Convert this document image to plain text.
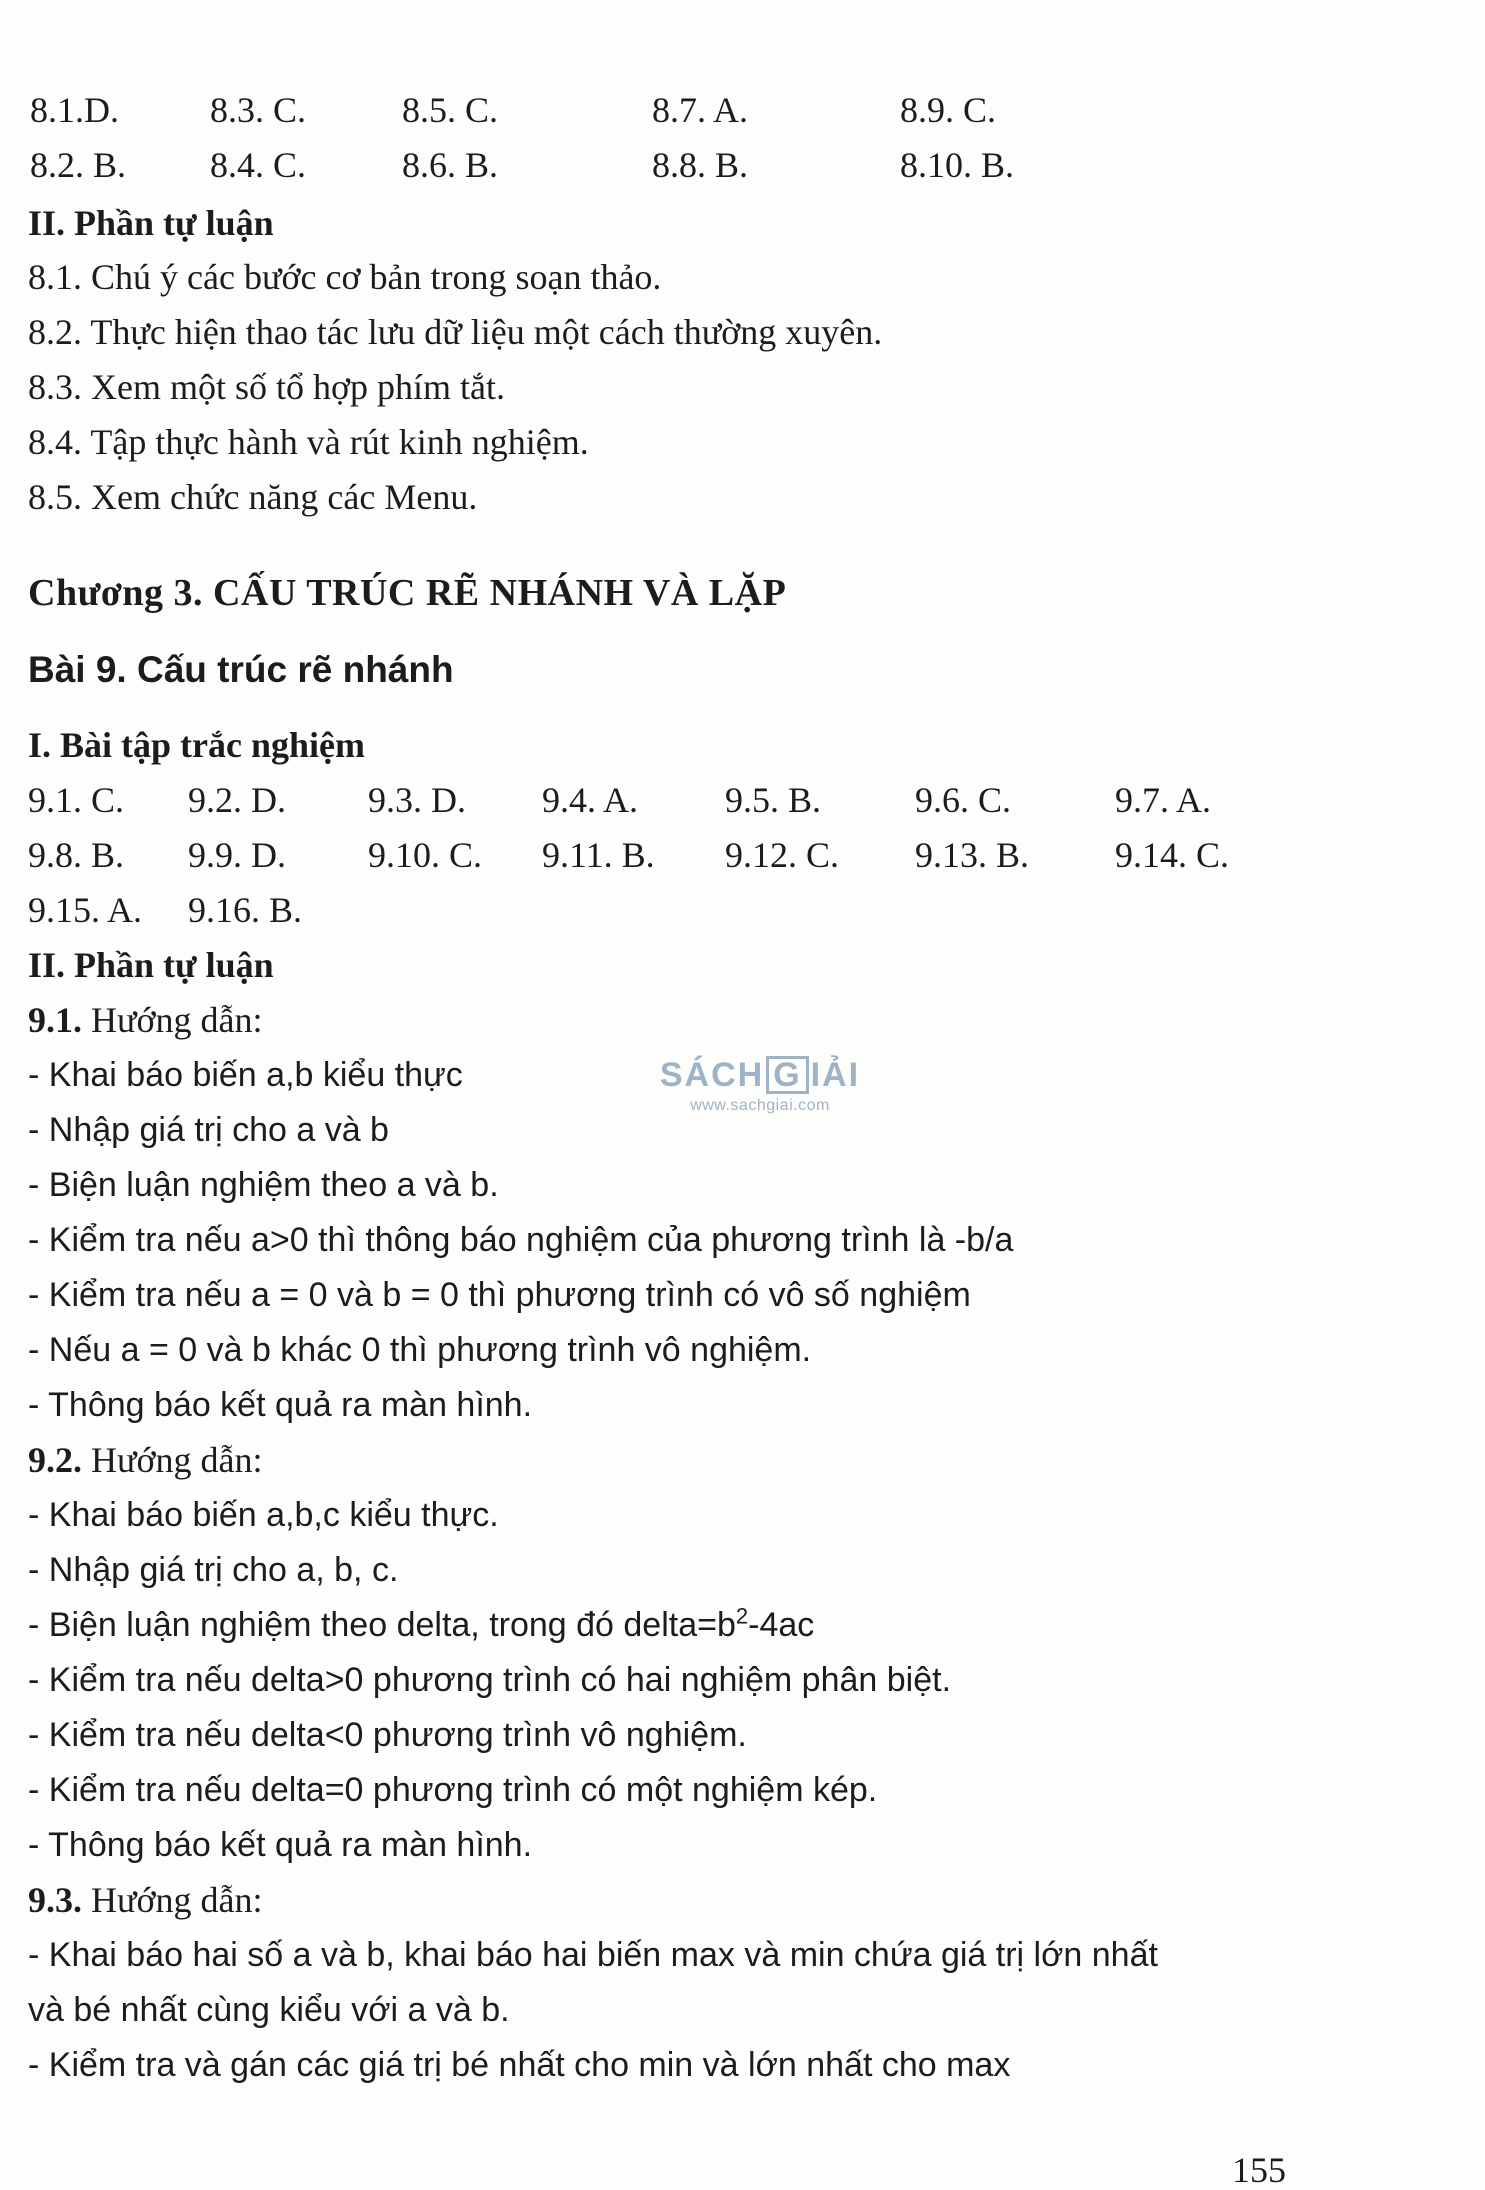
8.1.D.	8.3. C.	8.5. C.	8.7. A.	8.9. C.
8.2. B. 8.4. C.	8.6. B.	8.8. B.	8.10. B.
II. Phần tự luận
8.1. Chú ý các bước cơ bản trong soạn thảo.
8.2. Thực hiện thao tác lưu dữ liệu một cách thường xuyên.
8.3. Xem một số tổ hợp phím tắt.
8.4. Tập thực hành và rút kinh nghiệm.
8.5. Xem chức năng các Menu.
Chương 3. CẤU TRÚC RẼ NHÁNH VÀ LẶP
Bài 9. Cấu trúc rẽ nhánh
I. Bài tập trắc nghiệm
9.1. C. 9.2. D. 9.3. D. 9.4. A. 9.5. B.	9.6. C.	9.7. A.
9.8. B. 9.9. D. 9.10. C. 9.11. B. 9.12. C. 9.13. B. 9.14. C.
9.15. A. 9.16. B.
II. Phần tự luận
9.1. Hướng dẫn:
- Khai báo biến a,b kiểu thực
- Nhập giá trị cho a và b
- Biện luận nghiệm theo a và b.
- Kiểm tra nếu a>0 thì thông báo nghiệm của phương trình là -b/a
- Kiểm tra nếu a = 0 và b = 0 thì phương trình có vô số nghiệm
- Nếu a = 0 và b khác 0 thì phương trình vô nghiệm.
- Thông báo kết quả ra màn hình.
9.2. Hướng dẫn:
- Khai báo biến a,b,c kiểu thực.
- Nhập giá trị cho a, b, c.
- Biện luận nghiệm theo delta, trong đó $delta=b^2-4ac$
- Kiểm tra nếu delta>0 phương trình có hai nghiệm phân biệt.
- Kiểm tra nếu delta<0 phương trình vô nghiệm.
- Kiểm tra nếu delta=0 phương trình có một nghiệm kép.
- Thông báo kết quả ra màn hình.
9.3. Hướng dẫn:
- Khai báo hai số a và b, khai báo hai biến max và min chứa giá trị lớn nhất
và bé nhất cùng kiểu với a và b.
- Kiểm tra và gán các giá trị bé nhất cho min và lớn nhất cho max
SÁCH G IẢI
www.sachgiai.com
155
